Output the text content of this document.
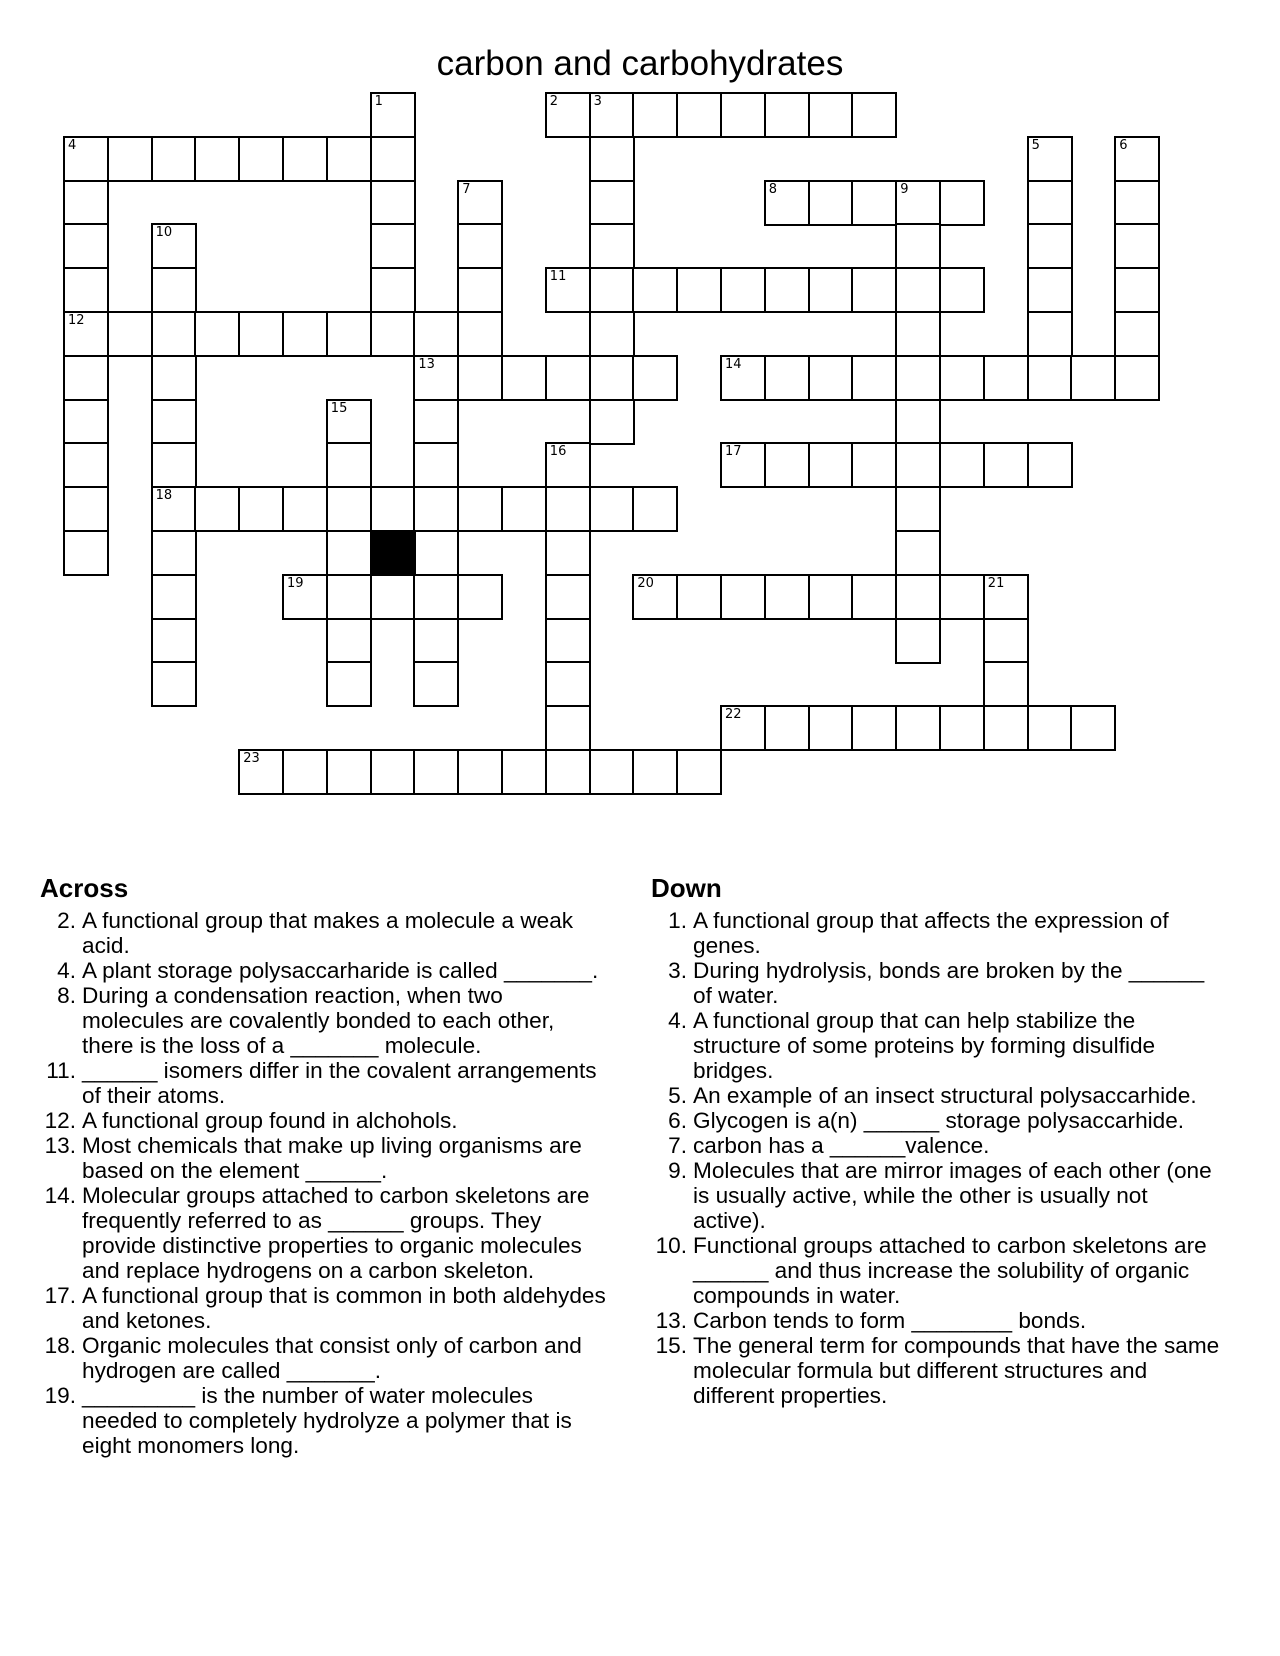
carbon and carbohydrates
1	2	3
4	5	6
7	8	9
10
11
12
13	14
15
16	17
18
19	20	21
22
23
Across
2. A functional group that makes a molecule a weak acid.
4. A plant storage polysaccarharide is called _______.
8. During a condensation reaction, when two molecules are covalently bonded to each other, there is the loss of a _______ molecule.
11. ______ isomers differ in the covalent arrangements of their atoms.
12. A functional group found in alchohols.
13. Most chemicals that make up living organisms are based on the element ______.
14. Molecular groups attached to carbon skeletons are frequently referred to as ______ groups. They provide distinctive properties to organic molecules and replace hydrogens on a carbon skeleton.
17. A functional group that is common in both aldehydes and ketones.
18. Organic molecules that consist only of carbon and hydrogen are called _______.
19. _________ is the number of water molecules needed to completely hydrolyze a polymer that is eight monomers long.
Down
1. A functional group that affects the expression of genes.
3. During hydrolysis, bonds are broken by the ______ of water.
4. A functional group that can help stabilize the structure of some proteins by forming disulfide bridges.
5. An example of an insect structural polysaccarhide.
6. Glycogen is a(n) ______ storage polysaccarhide.
7. carbon has a ______valence.
9. Molecules that are mirror images of each other (one is usually active, while the other is usually not active).
10. Functional groups attached to carbon skeletons are ______ and thus increase the solubility of organic compounds in water.
13. Carbon tends to form ________ bonds.
15. The general term for compounds that have the same molecular formula but different structures and different properties.
